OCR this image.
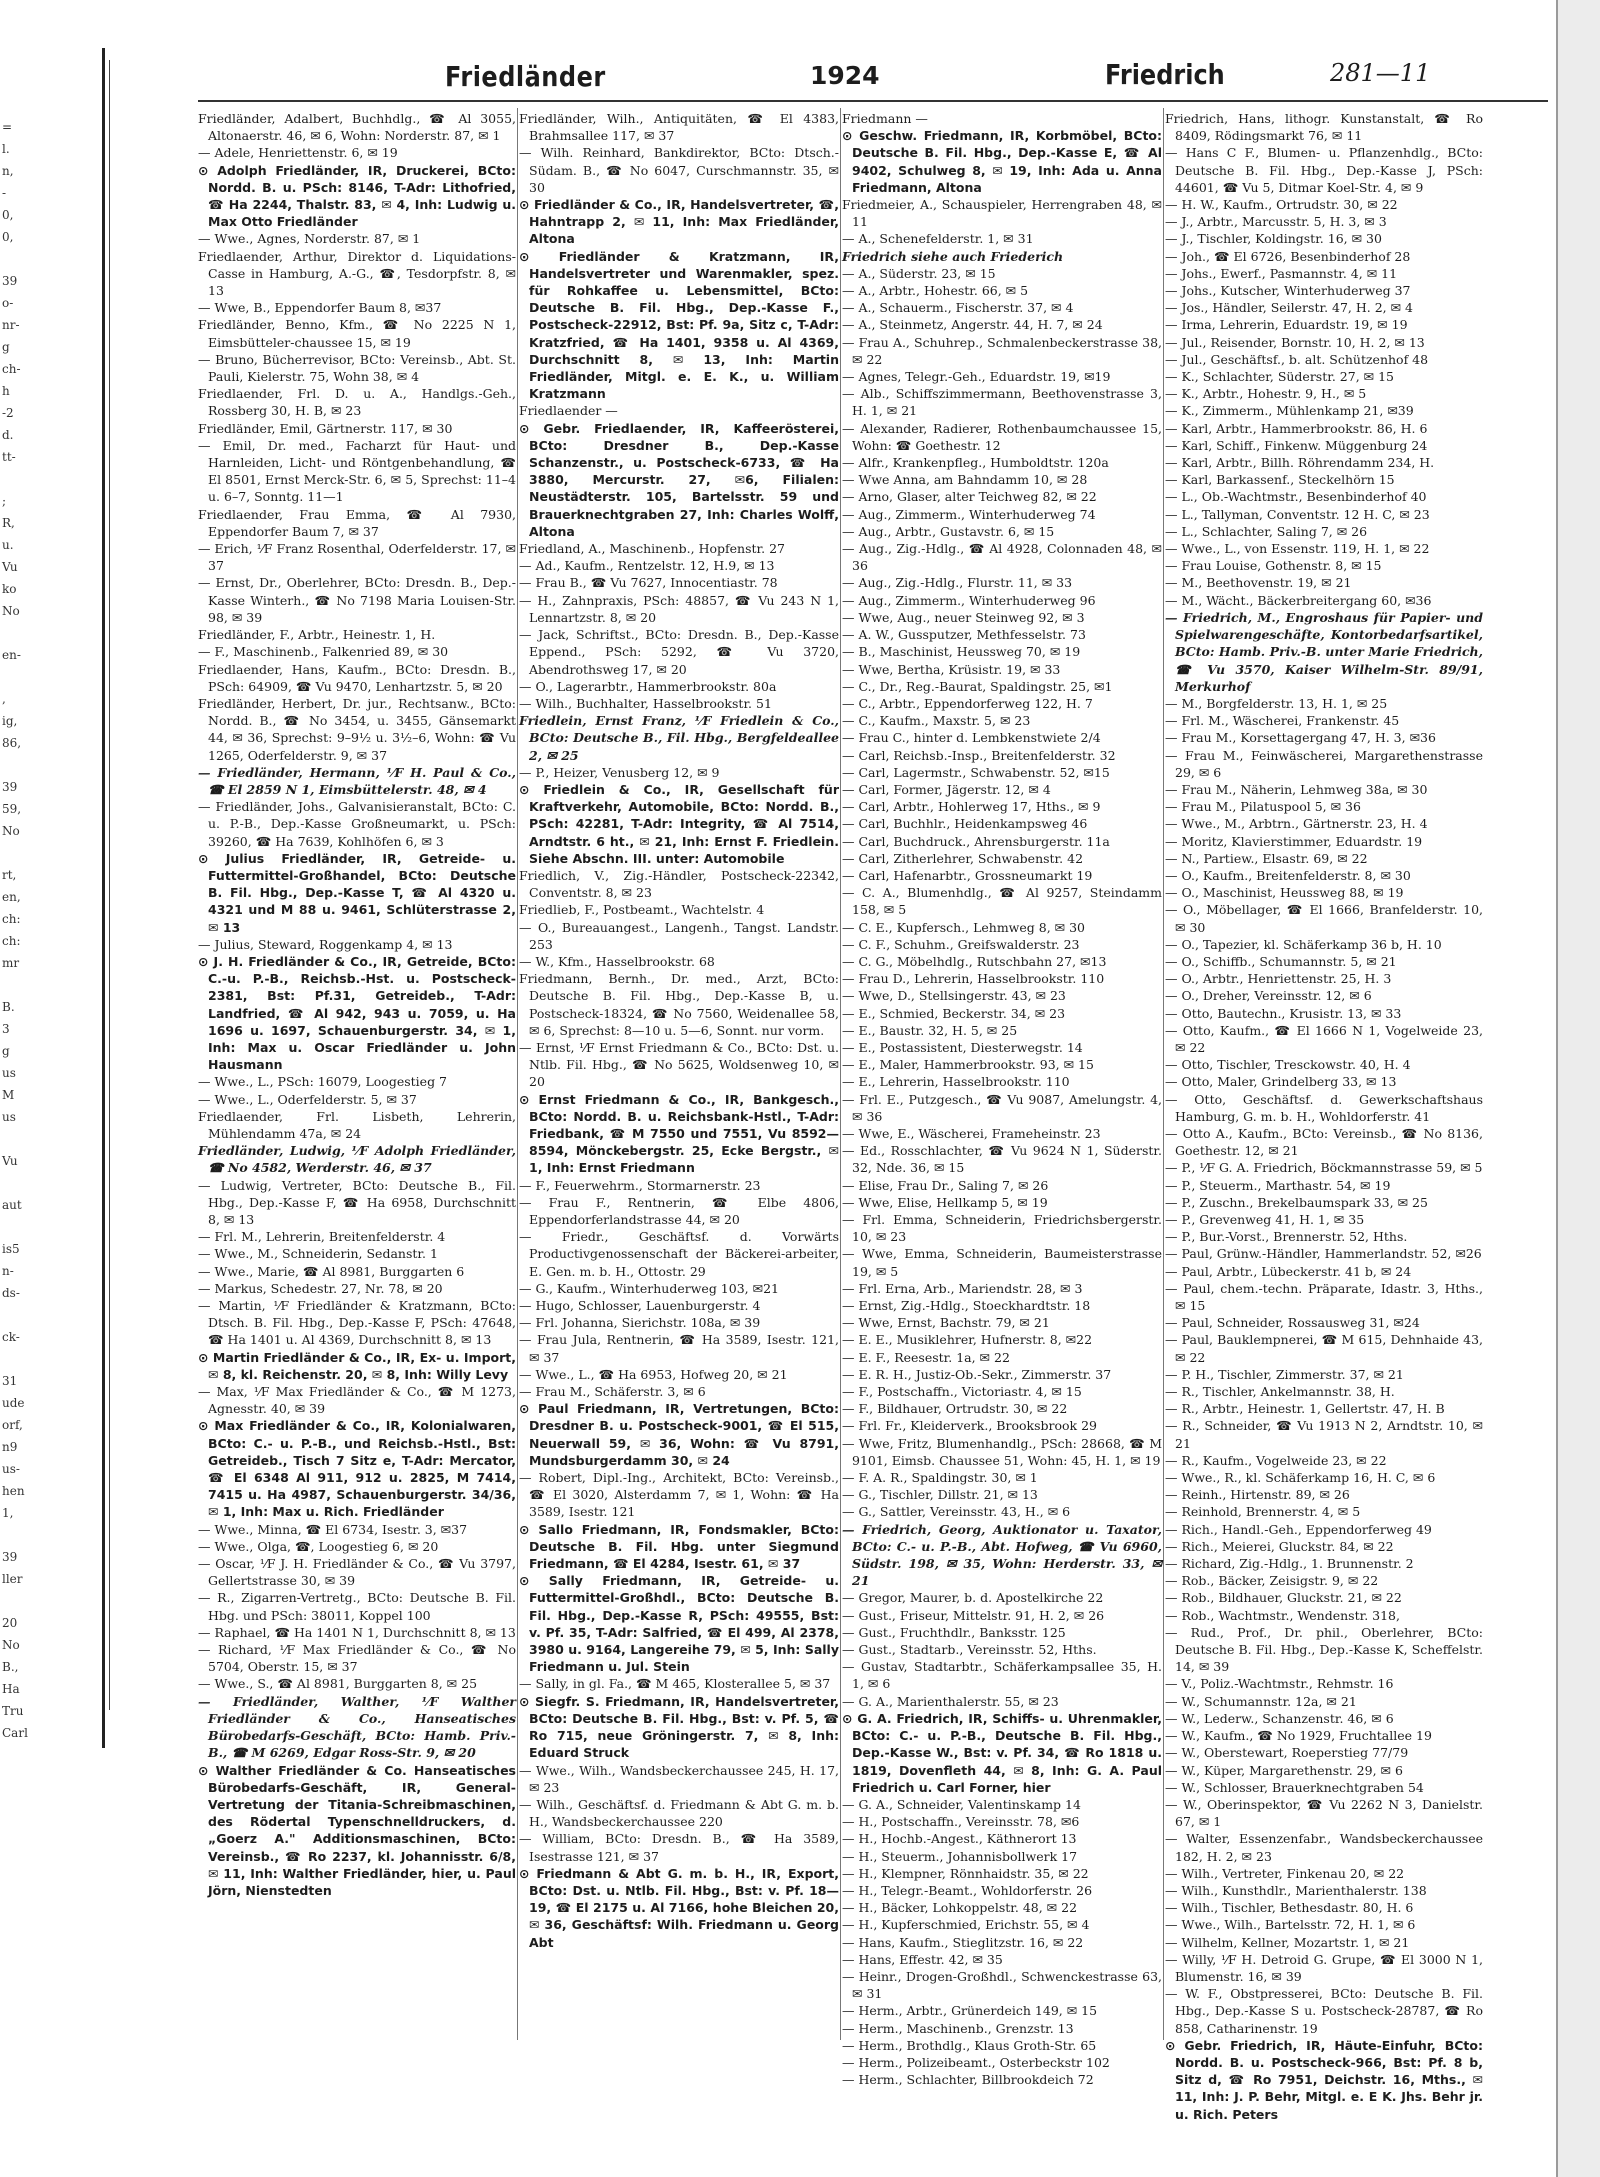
=
l.
n,
-
0,
0,
39
o-
nr-
g
ch-
h
-2
d.
tt-
;
R,
u.
Vu
ko
No
en-
,
ig,
86,
39
59,
No
rt,
en,
ch:
ch:
mr
B.
3
g
us
M
us
Vu
aut
is5
n-
ds-
ck-
31
ude
orf,
n9
us-
hen
1,
39
ller
20
No
B.,
Ha
Tru
Carl
Friedländer	1924	Friedrich	281—11

Friedländer, Adalbert, Buchhdlg., ☎ Al 3055, Altonaerstr. 46, ✉ 6, Wohn: Norderstr. 87, ✉ 1

— Adele, Henriettenstr. 6, ✉ 19

⊙ Adolph Friedländer, IR, Druckerei, BCto: Nordd. B. u. PSch: 8146, T-Adr: Lithofried, ☎ Ha 2244, Thalstr. 83, ✉ 4, Inh: Ludwig u. Max Otto Friedländer

— Wwe., Agnes, Norderstr. 87, ✉ 1

Friedlaender, Arthur, Direktor d. Liquidations-Casse in Hamburg, A.-G., ☎, Tesdorpfstr. 8, ✉ 13

— Wwe, B., Eppendorfer Baum 8, ✉37

Friedländer, Benno, Kfm., ☎ No 2225 N 1, Eimsbütteler-chaussee 15, ✉ 19

— Bruno, Bücherrevisor, BCto: Vereinsb., Abt. St. Pauli, Kielerstr. 75, Wohn 38, ✉ 4

Friedlaender, Frl. D. u. A., Handlgs.-Geh., Rossberg 30, H. B, ✉ 23

Friedländer, Emil, Gärtnerstr. 117, ✉ 30

— Emil, Dr. med., Facharzt für Haut- und Harnleiden, Licht- und Röntgenbehandlung, ☎ El 8501, Ernst Merck-Str. 6, ✉ 5, Sprechst: 11–4 u. 6–7, Sonntg. 11—1

Friedlaender, Frau Emma, ☎ Al 7930, Eppendorfer Baum 7, ✉ 37

— Erich, ⅟F Franz Rosenthal, Oderfelderstr. 17, ✉ 37

— Ernst, Dr., Oberlehrer, BCto: Dresdn. B., Dep.-Kasse Winterh., ☎ No 7198 Maria Louisen-Str. 98, ✉ 39

Friedländer, F., Arbtr., Heinestr. 1, H.

— F., Maschinenb., Falkenried 89, ✉ 30

Friedlaender, Hans, Kaufm., BCto: Dresdn. B., PSch: 64909, ☎ Vu 9470, Lenhartzstr. 5, ✉ 20

Friedländer, Herbert, Dr. jur., Rechtsanw., BCto: Nordd. B., ☎ No 3454, u. 3455, Gänsemarkt 44, ✉ 36, Sprechst: 9–9½ u. 3½–6, Wohn: ☎ Vu 1265, Oderfelderstr. 9, ✉ 37

— Friedländer, Hermann, ⅟F H. Paul & Co., ☎ El 2859 N 1, Eimsbüttelerstr. 48, ✉ 4

— Friedländer, Johs., Galvanisieranstalt, BCto: C. u. P.-B., Dep.-Kasse Großneumarkt, u. PSch: 39260, ☎ Ha 7639, Kohlhöfen 6, ✉ 3

⊙ Julius Friedländer, IR, Getreide- u. Futtermittel-Großhandel, BCto: Deutsche B. Fil. Hbg., Dep.-Kasse T, ☎ Al 4320 u. 4321 und M 88 u. 9461, Schlüterstrasse 2, ✉ 13

— Julius, Steward, Roggenkamp 4, ✉ 13

⊙ J. H. Friedländer & Co., IR, Getreide, BCto: C.-u. P.-B., Reichsb.-Hst. u. Postscheck-2381, Bst: Pf.31, Getreideb., T-Adr: Landfried, ☎ Al 942, 943 u. 7059, u. Ha 1696 u. 1697, Schauenburgerstr. 34, ✉ 1, Inh: Max u. Oscar Friedländer u. John Hausmann

— Wwe., L., PSch: 16079, Loogestieg 7

— Wwe., L., Oderfelderstr. 5, ✉ 37

Friedlaender, Frl. Lisbeth, Lehrerin, Mühlendamm 47a, ✉ 24

Friedländer, Ludwig, ⅟F Adolph Friedländer, ☎ No 4582, Werderstr. 46, ✉ 37

— Ludwig, Vertreter, BCto: Deutsche B., Fil. Hbg., Dep.-Kasse F, ☎ Ha 6958, Durchschnitt 8, ✉ 13

— Frl. M., Lehrerin, Breitenfelderstr. 4

— Wwe., M., Schneiderin, Sedanstr. 1

— Wwe., Marie, ☎ Al 8981, Burggarten 6

— Markus, Schedestr. 27, Nr. 78, ✉ 20

— Martin, ⅟F Friedländer & Kratzmann, BCto: Dtsch. B. Fil. Hbg., Dep.-Kasse F, PSch: 47648, ☎ Ha 1401 u. Al 4369, Durchschnitt 8, ✉ 13

⊙ Martin Friedländer & Co., IR, Ex- u. Import, ✉ 8, kl. Reichenstr. 20, ✉ 8, Inh: Willy Levy

— Max, ⅟F Max Friedländer & Co., ☎ M 1273, Agnesstr. 40, ✉ 39

⊙ Max Friedländer & Co., IR, Kolonialwaren, BCto: C.- u. P.-B., und Reichsb.-Hstl., Bst: Getreideb., Tisch 7 Sitz e, T-Adr: Mercator, ☎ El 6348 Al 911, 912 u. 2825, M 7414, 7415 u. Ha 4987, Schauenburgerstr. 34/36, ✉ 1, Inh: Max u. Rich. Friedländer

— Wwe., Minna, ☎ El 6734, Isestr. 3, ✉37

— Wwe., Olga, ☎, Loogestieg 6, ✉ 20

— Oscar, ⅟F J. H. Friedländer & Co., ☎ Vu 3797, Gellertstrasse 30, ✉ 39

— R., Zigarren-Vertretg., BCto: Deutsche B. Fil. Hbg. und PSch: 38011, Koppel 100

— Raphael, ☎ Ha 1401 N 1, Durchschnitt 8, ✉ 13

— Richard, ⅟F Max Friedländer & Co., ☎ No 5704, Oberstr. 15, ✉ 37

— Wwe., S., ☎ Al 8981, Burggarten 8, ✉ 25

— Friedländer, Walther, ⅟F Walther Friedländer & Co., Hanseatisches Bürobedarfs-Geschäft, BCto: Hamb. Priv.-B., ☎ M 6269, Edgar Ross-Str. 9, ✉ 20

⊙ Walther Friedländer & Co. Hanseatisches Bürobedarfs-Geschäft, IR, General-Vertretung der Titania-Schreibmaschinen, des Rödertal Typenschnelldruckers, d. „Goerz A." Additionsmaschinen, BCto: Vereinsb., ☎ Ro 2237, kl. Johannisstr. 6/8, ✉ 11, Inh: Walther Friedländer, hier, u. Paul Jörn, Nienstedten

Friedländer, Wilh., Antiquitäten, ☎ El 4383, Brahmsallee 117, ✉ 37

— Wilh. Reinhard, Bankdirektor, BCto: Dtsch.-Südam. B., ☎ No 6047, Curschmannstr. 35, ✉ 30

⊙ Friedländer & Co., IR, Handelsvertreter, ☎, Hahntrapp 2, ✉ 11, Inh: Max Friedländer, Altona

⊙ Friedländer & Kratzmann, IR, Handelsvertreter und Warenmakler, spez. für Rohkaffee u. Lebensmittel, BCto: Deutsche B. Fil. Hbg., Dep.-Kasse F., Postscheck-22912, Bst: Pf. 9a, Sitz c, T-Adr: Kratzfried, ☎ Ha 1401, 9358 u. Al 4369, Durchschnitt 8, ✉ 13, Inh: Martin Friedländer, Mitgl. e. E. K., u. William Kratzmann

Friedlaender —

⊙ Gebr. Friedlaender, IR, Kaffeerösterei, BCto: Dresdner B., Dep.-Kasse Schanzenstr., u. Postscheck-6733, ☎ Ha 3880, Mercurstr. 27, ✉6, Filialen: Neustädterstr. 105, Bartelsstr. 59 und Brauerknechtgraben 27, Inh: Charles Wolff, Altona

Friedland, A., Maschinenb., Hopfenstr. 27

— Ad., Kaufm., Rentzelstr. 12, H.9, ✉ 13

— Frau B., ☎ Vu 7627, Innocentiastr. 78

— H., Zahnpraxis, PSch: 48857, ☎ Vu 243 N 1, Lennartzstr. 8, ✉ 20

— Jack, Schriftst., BCto: Dresdn. B., Dep.-Kasse Eppend., PSch: 5292, ☎ Vu 3720, Abendrothsweg 17, ✉ 20

— O., Lagerarbtr., Hammerbrookstr. 80a

— Wilh., Buchhalter, Hasselbrookstr. 51

Friedlein, Ernst Franz, ⅟F Friedlein & Co., BCto: Deutsche B., Fil. Hbg., Bergfeldeallee 2, ✉ 25

— P., Heizer, Venusberg 12, ✉ 9

⊙ Friedlein & Co., IR, Gesellschaft für Kraftverkehr, Automobile, BCto: Nordd. B., PSch: 42281, T-Adr: Integrity, ☎ Al 7514, Arndtstr. 6 ht., ✉ 21, Inh: Ernst F. Friedlein. Siehe Abschn. III. unter: Automobile

Friedlich, V., Zig.-Händler, Postscheck-22342, Conventstr. 8, ✉ 23

Friedlieb, F., Postbeamt., Wachtelstr. 4

— O., Bureauangest., Langenh., Tangst. Landstr. 253

— W., Kfm., Hasselbrookstr. 68

Friedmann, Bernh., Dr. med., Arzt, BCto: Deutsche B. Fil. Hbg., Dep.-Kasse B, u. Postscheck-18324, ☎ No 7560, Weidenallee 58, ✉ 6, Sprechst: 8—10 u. 5—6, Sonnt. nur vorm.

— Ernst, ⅟F Ernst Friedmann & Co., BCto: Dst. u. Ntlb. Fil. Hbg., ☎ No 5625, Woldsenweg 10, ✉ 20

⊙ Ernst Friedmann & Co., IR, Bankgesch., BCto: Nordd. B. u. Reichsbank-Hstl., T-Adr: Friedbank, ☎ M 7550 und 7551, Vu 8592—8594, Mönckebergstr. 25, Ecke Bergstr., ✉ 1, Inh: Ernst Friedmann

— F., Feuerwehrm., Stormarnerstr. 23

— Frau F., Rentnerin, ☎ Elbe 4806, Eppendorferlandstrasse 44, ✉ 20

— Friedr., Geschäftsf. d. Vorwärts Productivgenossenschaft der Bäckerei-arbeiter, E. Gen. m. b. H., Ottostr. 29

— G., Kaufm., Winterhuderweg 103, ✉21

— Hugo, Schlosser, Lauenburgerstr. 4

— Frl. Johanna, Sierichstr. 108a, ✉ 39

— Frau Jula, Rentnerin, ☎ Ha 3589, Isestr. 121, ✉ 37

— Wwe., L., ☎ Ha 6953, Hofweg 20, ✉ 21

— Frau M., Schäferstr. 3, ✉ 6

⊙ Paul Friedmann, IR, Vertretungen, BCto: Dresdner B. u. Postscheck-9001, ☎ El 515, Neuerwall 59, ✉ 36, Wohn: ☎ Vu 8791, Mundsburgerdamm 30, ✉ 24

— Robert, Dipl.-Ing., Architekt, BCto: Vereinsb., ☎ El 3020, Alsterdamm 7, ✉ 1, Wohn: ☎ Ha 3589, Isestr. 121

⊙ Sallo Friedmann, IR, Fondsmakler, BCto: Deutsche B. Fil. Hbg. unter Siegmund Friedmann, ☎ El 4284, Isestr. 61, ✉ 37

⊙ Sally Friedmann, IR, Getreide- u. Futtermittel-Großhdl., BCto: Deutsche B. Fil. Hbg., Dep.-Kasse R, PSch: 49555, Bst: v. Pf. 35, T-Adr: Salfried, ☎ El 499, Al 2378, 3980 u. 9164, Langereihe 79, ✉ 5, Inh: Sally Friedmann u. Jul. Stein

— Sally, in gl. Fa., ☎ M 465, Klosterallee 5, ✉ 37

⊙ Siegfr. S. Friedmann, IR, Handelsvertreter, BCto: Deutsche B. Fil. Hbg., Bst: v. Pf. 5, ☎ Ro 715, neue Gröningerstr. 7, ✉ 8, Inh: Eduard Struck

— Wwe., Wilh., Wandsbeckerchaussee 245, H. 17, ✉ 23

— Wilh., Geschäftsf. d. Friedmann & Abt G. m. b. H., Wandsbeckerchaussee 220

— William, BCto: Dresdn. B., ☎ Ha 3589, Isestrasse 121, ✉ 37

⊙ Friedmann & Abt G. m. b. H., IR, Export, BCto: Dst. u. Ntlb. Fil. Hbg., Bst: v. Pf. 18—19, ☎ El 2175 u. Al 7166, hohe Bleichen 20, ✉ 36, Geschäftsf: Wilh. Friedmann u. Georg Abt

Friedmann —

⊙ Geschw. Friedmann, IR, Korbmöbel, BCto: Deutsche B. Fil. Hbg., Dep.-Kasse E, ☎ Al 9402, Schulweg 8, ✉ 19, Inh: Ada u. Anna Friedmann, Altona

Friedmeier, A., Schauspieler, Herrengraben 48, ✉ 11

— A., Schenefelderstr. 1, ✉ 31

Friedrich siehe auch Friederich

— A., Süderstr. 23, ✉ 15

— A., Arbtr., Hohestr. 66, ✉ 5

— A., Schauerm., Fischerstr. 37, ✉ 4

— A., Steinmetz, Angerstr. 44, H. 7, ✉ 24

— Frau A., Schuhrep., Schmalenbeckerstrasse 38, ✉ 22

— Agnes, Telegr.-Geh., Eduardstr. 19, ✉19

— Alb., Schiffszimmermann, Beethovenstrasse 3, H. 1, ✉ 21

— Alexander, Radierer, Rothenbaumchaussee 15, Wohn: ☎ Goethestr. 12

— Alfr., Krankenpfleg., Humboldtstr. 120a

— Wwe Anna, am Bahndamm 10, ✉ 28

— Arno, Glaser, alter Teichweg 82, ✉ 22

— Aug., Zimmerm., Winterhuderweg 74

— Aug., Arbtr., Gustavstr. 6, ✉ 15

— Aug., Zig.-Hdlg., ☎ Al 4928, Colonnaden 48, ✉ 36

— Aug., Zig.-Hdlg., Flurstr. 11, ✉ 33

— Aug., Zimmerm., Winterhuderweg 96

— Wwe, Aug., neuer Steinweg 92, ✉ 3

— A. W., Gussputzer, Methfesselstr. 73

— B., Maschinist, Heussweg 70, ✉ 19

— Wwe, Bertha, Krüsistr. 19, ✉ 33

— C., Dr., Reg.-Baurat, Spaldingstr. 25, ✉1

— C., Arbtr., Eppendorferweg 122, H. 7

— C., Kaufm., Maxstr. 5, ✉ 23

— Frau C., hinter d. Lembkenstwiete 2/4

— Carl, Reichsb.-Insp., Breitenfelderstr. 32

— Carl, Lagermstr., Schwabenstr. 52, ✉15

— Carl, Former, Jägerstr. 12, ✉ 4

— Carl, Arbtr., Hohlerweg 17, Hths., ✉ 9

— Carl, Buchhlr., Heidenkampsweg 46

— Carl, Buchdruck., Ahrensburgerstr. 11a

— Carl, Zitherlehrer, Schwabenstr. 42

— Carl, Hafenarbtr., Grossneumarkt 19

— C. A., Blumenhdlg., ☎ Al 9257, Steindamm 158, ✉ 5

— C. E., Kupfersch., Lehmweg 8, ✉ 30

— C. F., Schuhm., Greifswalderstr. 23

— C. G., Möbelhdlg., Rutschbahn 27, ✉13

— Frau D., Lehrerin, Hasselbrookstr. 110

— Wwe, D., Stellsingerstr. 43, ✉ 23

— E., Schmied, Beckerstr. 34, ✉ 23

— E., Baustr. 32, H. 5, ✉ 25

— E., Postassistent, Diesterwegstr. 14

— E., Maler, Hammerbrookstr. 93, ✉ 15

— E., Lehrerin, Hasselbrookstr. 110

— Frl. E., Putzgesch., ☎ Vu 9087, Amelungstr. 4, ✉ 36

— Wwe, E., Wäscherei, Frameheinstr. 23

— Ed., Rosschlachter, ☎ Vu 9624 N 1, Süderstr. 32, Nde. 36, ✉ 15

— Elise, Frau Dr., Saling 7, ✉ 26

— Wwe, Elise, Hellkamp 5, ✉ 19

— Frl. Emma, Schneiderin, Friedrichsbergerstr. 10, ✉ 23

— Wwe, Emma, Schneiderin, Baumeisterstrasse 19, ✉ 5

— Frl. Erna, Arb., Mariendstr. 28, ✉ 3

— Ernst, Zig.-Hdlg., Stoeckhardtstr. 18

— Wwe, Ernst, Bachstr. 79, ✉ 21

— E. E., Musiklehrer, Hufnerstr. 8, ✉22

— E. F., Reesestr. 1a, ✉ 22

— E. R. H., Justiz-Ob.-Sekr., Zimmerstr. 37

— F., Postschaffn., Victoriastr. 4, ✉ 15

— F., Bildhauer, Ortrudstr. 30, ✉ 22

— Frl. Fr., Kleiderverk., Brooksbrook 29

— Wwe, Fritz, Blumenhandlg., PSch: 28668, ☎ M 9101, Eimsb. Chaussee 51, Wohn: 45, H. 1, ✉ 19

— F. A. R., Spaldingstr. 30, ✉ 1

— G., Tischler, Dillstr. 21, ✉ 13

— G., Sattler, Vereinsstr. 43, H., ✉ 6

— Friedrich, Georg, Auktionator u. Taxator, BCto: C.- u. P.-B., Abt. Hofweg, ☎ Vu 6960, Südstr. 198, ✉ 35, Wohn: Herderstr. 33, ✉ 21

— Gregor, Maurer, b. d. Apostelkirche 22

— Gust., Friseur, Mittelstr. 91, H. 2, ✉ 26

— Gust., Fruchthdlr., Banksstr. 125

— Gust., Stadtarb., Vereinsstr. 52, Hths.

— Gustav, Stadtarbtr., Schäferkampsallee 35, H. 1, ✉ 6

— G. A., Marienthalerstr. 55, ✉ 23

⊙ G. A. Friedrich, IR, Schiffs- u. Uhrenmakler, BCto: C.- u. P.-B., Deutsche B. Fil. Hbg., Dep.-Kasse W., Bst: v. Pf. 34, ☎ Ro 1818 u. 1819, Dovenfleth 44, ✉ 8, Inh: G. A. Paul Friedrich u. Carl Forner, hier

— G. A., Schneider, Valentinskamp 14

— H., Postschaffn., Vereinsstr. 78, ✉6

— H., Hochb.-Angest., Käthnerort 13

— H., Steuerm., Johannisbollwerk 17

— H., Klempner, Rönnhaidstr. 35, ✉ 22

— H., Telegr.-Beamt., Wohldorferstr. 26

— H., Bäcker, Lohkoppelstr. 48, ✉ 22

— H., Kupferschmied, Erichstr. 55, ✉ 4

— Hans, Kaufm., Stieglitzstr. 16, ✉ 22

— Hans, Effestr. 42, ✉ 35

— Heinr., Drogen-Großhdl., Schwenckestrasse 63, ✉ 31

— Herm., Arbtr., Grünerdeich 149, ✉ 15

— Herm., Maschinenb., Grenzstr. 13

— Herm., Brothdlg., Klaus Groth-Str. 65

— Herm., Polizeibeamt., Osterbeckstr 102

— Herm., Schlachter, Billbrookdeich 72

Friedrich, Hans, lithogr. Kunstanstalt, ☎ Ro 8409, Rödingsmarkt 76, ✉ 11

— Hans C F., Blumen- u. Pflanzenhdlg., BCto: Deutsche B. Fil. Hbg., Dep.-Kasse J, PSch: 44601, ☎ Vu 5, Ditmar Koel-Str. 4, ✉ 9

— H. W., Kaufm., Ortrudstr. 30, ✉ 22

— J., Arbtr., Marcusstr. 5, H. 3, ✉ 3

— J., Tischler, Koldingstr. 16, ✉ 30

— Joh., ☎ El 6726, Besenbinderhof 28

— Johs., Ewerf., Pasmannstr. 4, ✉ 11

— Johs., Kutscher, Winterhuderweg 37

— Jos., Händler, Seilerstr. 47, H. 2, ✉ 4

— Irma, Lehrerin, Eduardstr. 19, ✉ 19

— Jul., Reisender, Bornstr. 10, H. 2, ✉ 13

— Jul., Geschäftsf., b. alt. Schützenhof 48

— K., Schlachter, Süderstr. 27, ✉ 15

— K., Arbtr., Hohestr. 9, H., ✉ 5

— K., Zimmerm., Mühlenkamp 21, ✉39

— Karl, Arbtr., Hammerbrookstr. 86, H. 6

— Karl, Schiff., Finkenw. Müggenburg 24

— Karl, Arbtr., Billh. Röhrendamm 234, H.

— Karl, Barkassenf., Steckelhörn 15

— L., Ob.-Wachtmstr., Besenbinderhof 40

— L., Tallyman, Conventstr. 12 H. C, ✉ 23

— L., Schlachter, Saling 7, ✉ 26

— Wwe., L., von Essenstr. 119, H. 1, ✉ 22

— Frau Louise, Gothenstr. 8, ✉ 15

— M., Beethovenstr. 19, ✉ 21

— M., Wächt., Bäckerbreitergang 60, ✉36

— Friedrich, M., Engroshaus für Papier- und Spielwarengeschäfte, Kontorbedarfsartikel, BCto: Hamb. Priv.-B. unter Marie Friedrich, ☎ Vu 3570, Kaiser Wilhelm-Str. 89/91, Merkurhof

— M., Borgfelderstr. 13, H. 1, ✉ 25

— Frl. M., Wäscherei, Frankenstr. 45

— Frau M., Korsettagergang 47, H. 3, ✉36

— Frau M., Feinwäscherei, Margarethenstrasse 29, ✉ 6

— Frau M., Näherin, Lehmweg 38a, ✉ 30

— Frau M., Pilatuspool 5, ✉ 36

— Wwe., M., Arbtrn., Gärtnerstr. 23, H. 4

— Moritz, Klavierstimmer, Eduardstr. 19

— N., Partiew., Elsastr. 69, ✉ 22

— O., Kaufm., Breitenfelderstr. 8, ✉ 30

— O., Maschinist, Heussweg 88, ✉ 19

— O., Möbellager, ☎ El 1666, Branfelderstr. 10, ✉ 30

— O., Tapezier, kl. Schäferkamp 36 b, H. 10

— O., Schiffb., Schumannstr. 5, ✉ 21

— O., Arbtr., Henriettenstr. 25, H. 3

— O., Dreher, Vereinsstr. 12, ✉ 6

— Otto, Bautechn., Krusistr. 13, ✉ 33

— Otto, Kaufm., ☎ El 1666 N 1, Vogelweide 23, ✉ 22

— Otto, Tischler, Tresckowstr. 40, H. 4

— Otto, Maler, Grindelberg 33, ✉ 13

— Otto, Geschäftsf. d. Gewerkschaftshaus Hamburg, G. m. b. H., Wohldorferstr. 41

— Otto A., Kaufm., BCto: Vereinsb., ☎ No 8136, Goethestr. 12, ✉ 21

— P., ⅟F G. A. Friedrich, Böckmannstrasse 59, ✉ 5

— P., Steuerm., Marthastr. 54, ✉ 19

— P., Zuschn., Brekelbaumspark 33, ✉ 25

— P., Grevenweg 41, H. 1, ✉ 35

— P., Bur.-Vorst., Brennerstr. 52, Hths.

— Paul, Grünw.-Händler, Hammerlandstr. 52, ✉26

— Paul, Arbtr., Lübeckerstr. 41 b, ✉ 24

— Paul, chem.-techn. Präparate, Idastr. 3, Hths., ✉ 15

— Paul, Schneider, Rossausweg 31, ✉24

— Paul, Bauklempnerei, ☎ M 615, Dehnhaide 43, ✉ 22

— P. H., Tischler, Zimmerstr. 37, ✉ 21

— R., Tischler, Ankelmannstr. 38, H.

— R., Arbtr., Heinestr. 1, Gellertstr. 47, H. B

— R., Schneider, ☎ Vu 1913 N 2, Arndtstr. 10, ✉ 21

— R., Kaufm., Vogelweide 23, ✉ 22

— Wwe., R., kl. Schäferkamp 16, H. C, ✉ 6

— Reinh., Hirtenstr. 89, ✉ 26

— Reinhold, Brennerstr. 4, ✉ 5

— Rich., Handl.-Geh., Eppendorferweg 49

— Rich., Meierei, Gluckstr. 84, ✉ 22

— Richard, Zig.-Hdlg., 1. Brunnenstr. 2

— Rob., Bäcker, Zeisigstr. 9, ✉ 22

— Rob., Bildhauer, Gluckstr. 21, ✉ 22

— Rob., Wachtmstr., Wendenstr. 318,

— Rud., Prof., Dr. phil., Oberlehrer, BCto: Deutsche B. Fil. Hbg., Dep.-Kasse K, Scheffelstr. 14, ✉ 39

— V., Poliz.-Wachtmstr., Rehmstr. 16

— W., Schumannstr. 12a, ✉ 21

— W., Lederw., Schanzenstr. 46, ✉ 6

— W., Kaufm., ☎ No 1929, Fruchtallee 19

— W., Oberstewart, Roeperstieg 77/79

— W., Küper, Margarethenstr. 29, ✉ 6

— W., Schlosser, Brauerknechtgraben 54

— W., Oberinspektor, ☎ Vu 2262 N 3, Danielstr. 67, ✉ 1

— Walter, Essenzenfabr., Wandsbeckerchaussee 182, H. 2, ✉ 23

— Wilh., Vertreter, Finkenau 20, ✉ 22

— Wilh., Kunsthdlr., Marienthalerstr. 138

— Wilh., Tischler, Bethesdastr. 80, H. 6

— Wwe., Wilh., Bartelsstr. 72, H. 1, ✉ 6

— Wilhelm, Kellner, Mozartstr. 1, ✉ 21

— Willy, ⅟F H. Detroid G. Grupe, ☎ El 3000 N 1, Blumenstr. 16, ✉ 39

— W. F., Obstpresserei, BCto: Deutsche B. Fil. Hbg., Dep.-Kasse S u. Postscheck-28787, ☎ Ro 858, Catharinenstr. 19

⊙ Gebr. Friedrich, IR, Häute-Einfuhr, BCto: Nordd. B. u. Postscheck-966, Bst: Pf. 8 b, Sitz d, ☎ Ro 7951, Deichstr. 16, Mths., ✉ 11, Inh: J. P. Behr, Mitgl. e. E K. Jhs. Behr jr. u. Rich. Peters
